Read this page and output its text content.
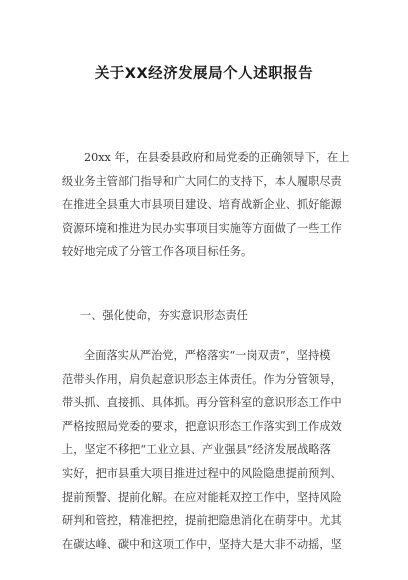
关于XX经济发展局个人述职报告
20xx 年，在县委县政府和局党委的正确领导下，在上
级业务主管部门指导和广大同仁的支持下，本人履职尽责
在推进全县重大市县项目建设、培育战新企业、抓好能源
资源环境和推进为民办实事项目实施等方面做了一些工作
较好地完成了分管工作各项目标任务。
一、强化使命，夯实意识形态责任
全面落实从严治党，严格落实“一岗双责”，坚持模
范带头作用，肩负起意识形态主体责任。作为分管领导，
带头抓、直接抓、具体抓。再分管科室的意识形态工作中
严格按照局党委的要求，把意识形态工作落实到工作成效
上，坚定不移把“工业立县、产业强县”经济发展战略落
实好，把市县重大项目推进过程中的风险隐患提前预判、
提前预警、提前化解。在应对能耗双控工作中，坚持风险
研判和管控，精准把控，提前把隐患消化在萌芽中。尤其
在碳达峰、碳中和这项工作中，坚持大是大非不动摇，坚
